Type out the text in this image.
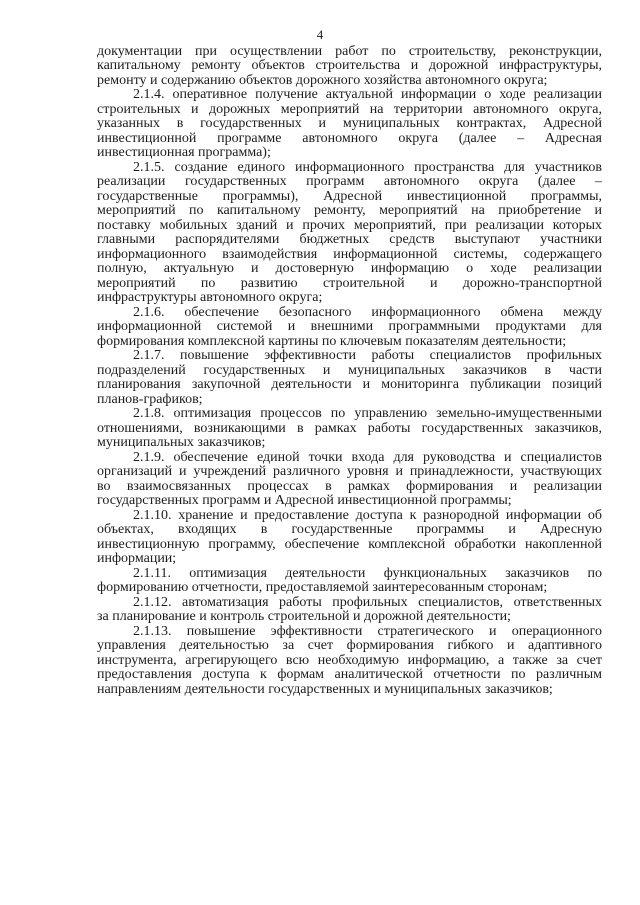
4
документации при осуществлении работ по строительству, реконструкции,
капитальному ремонту объектов строительства и дорожной инфраструктуры,
ремонту и содержанию объектов дорожного хозяйства автономного округа;
2.1.4. оперативное получение актуальной информации о ходе реализации
строительных и дорожных мероприятий на территории автономного округа,
указанных в государственных и муниципальных контрактах, Адресной
инвестиционной программе автономного округа (далее – Адресная
инвестиционная программа);
2.1.5. создание единого информационного пространства для участников
реализации государственных программ автономного округа (далее –
государственные программы), Адресной инвестиционной программы,
мероприятий по капитальному ремонту, мероприятий на приобретение и
поставку мобильных зданий и прочих мероприятий, при реализации которых
главными распорядителями бюджетных средств выступают участники
информационного взаимодействия информационной системы, содержащего
полную, актуальную и достоверную информацию о ходе реализации
мероприятий по развитию строительной и дорожно-транспортной
инфраструктуры автономного округа;
2.1.6. обеспечение безопасного информационного обмена между
информационной системой и внешними программными продуктами для
формирования комплексной картины по ключевым показателям деятельности;
2.1.7. повышение эффективности работы специалистов профильных
подразделений государственных и муниципальных заказчиков в части
планирования закупочной деятельности и мониторинга публикации позиций
планов-графиков;
2.1.8. оптимизация процессов по управлению земельно-имущественными
отношениями, возникающими в рамках работы государственных заказчиков,
муниципальных заказчиков;
2.1.9. обеспечение единой точки входа для руководства и специалистов
организаций и учреждений различного уровня и принадлежности, участвующих
во взаимосвязанных процессах в рамках формирования и реализации
государственных программ и Адресной инвестиционной программы;
2.1.10. хранение и предоставление доступа к разнородной информации об
объектах, входящих в государственные программы и Адресную
инвестиционную программу, обеспечение комплексной обработки накопленной
информации;
2.1.11. оптимизация деятельности функциональных заказчиков по
формированию отчетности, предоставляемой заинтересованным сторонам;
2.1.12. автоматизация работы профильных специалистов, ответственных
за планирование и контроль строительной и дорожной деятельности;
2.1.13. повышение эффективности стратегического и операционного
управления деятельностью за счет формирования гибкого и адаптивного
инструмента, агрегирующего всю необходимую информацию, а также за счет
предоставления доступа к формам аналитической отчетности по различным
направлениям деятельности государственных и муниципальных заказчиков;
